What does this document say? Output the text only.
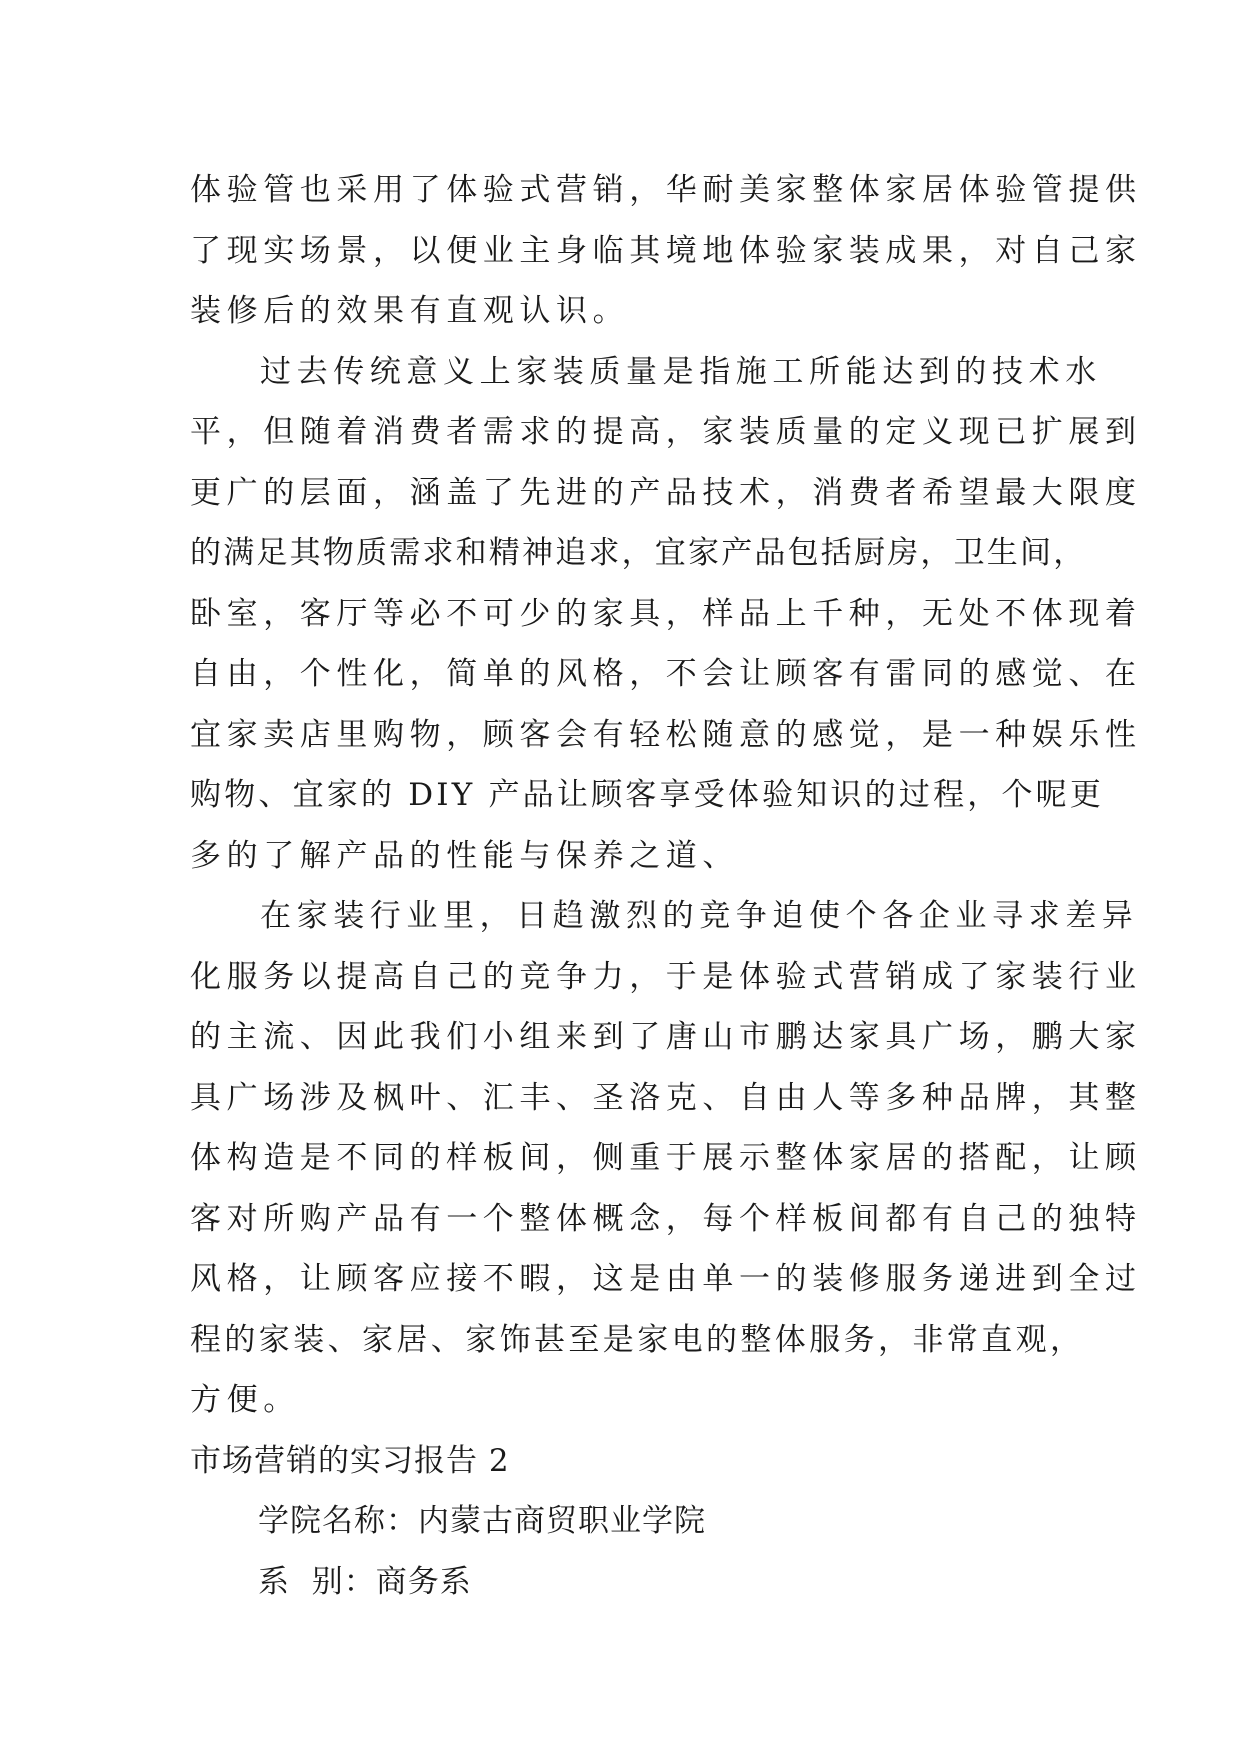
体验管也采用了体验式营销，华耐美家整体家居体验管提供
了现实场景，以便业主身临其境地体验家装成果，对自己家
装修后的效果有直观认识。
过去传统意义上家装质量是指施工所能达到的技术水
平，但随着消费者需求的提高，家装质量的定义现已扩展到
更广的层面，涵盖了先进的产品技术，消费者希望最大限度
的满足其物质需求和精神追求，宜家产品包括厨房，卫生间，
卧室，客厅等必不可少的家具，样品上千种，无处不体现着
自由，个性化，简单的风格，不会让顾客有雷同的感觉、在
宜家卖店里购物，顾客会有轻松随意的感觉，是一种娱乐性
购物、宜家的 DIY 产品让顾客享受体验知识的过程，个呢更
多的了解产品的性能与保养之道、
在家装行业里，日趋激烈的竞争迫使个各企业寻求差异
化服务以提高自己的竞争力，于是体验式营销成了家装行业
的主流、因此我们小组来到了唐山市鹏达家具广场，鹏大家
具广场涉及枫叶、汇丰、圣洛克、自由人等多种品牌，其整
体构造是不同的样板间，侧重于展示整体家居的搭配，让顾
客对所购产品有一个整体概念，每个样板间都有自己的独特
风格，让顾客应接不暇，这是由单一的装修服务递进到全过
程的家装、家居、家饰甚至是家电的整体服务，非常直观，
方便。
市场营销的实习报告 2
学院名称：内蒙古商贸职业学院
系  别：商务系
